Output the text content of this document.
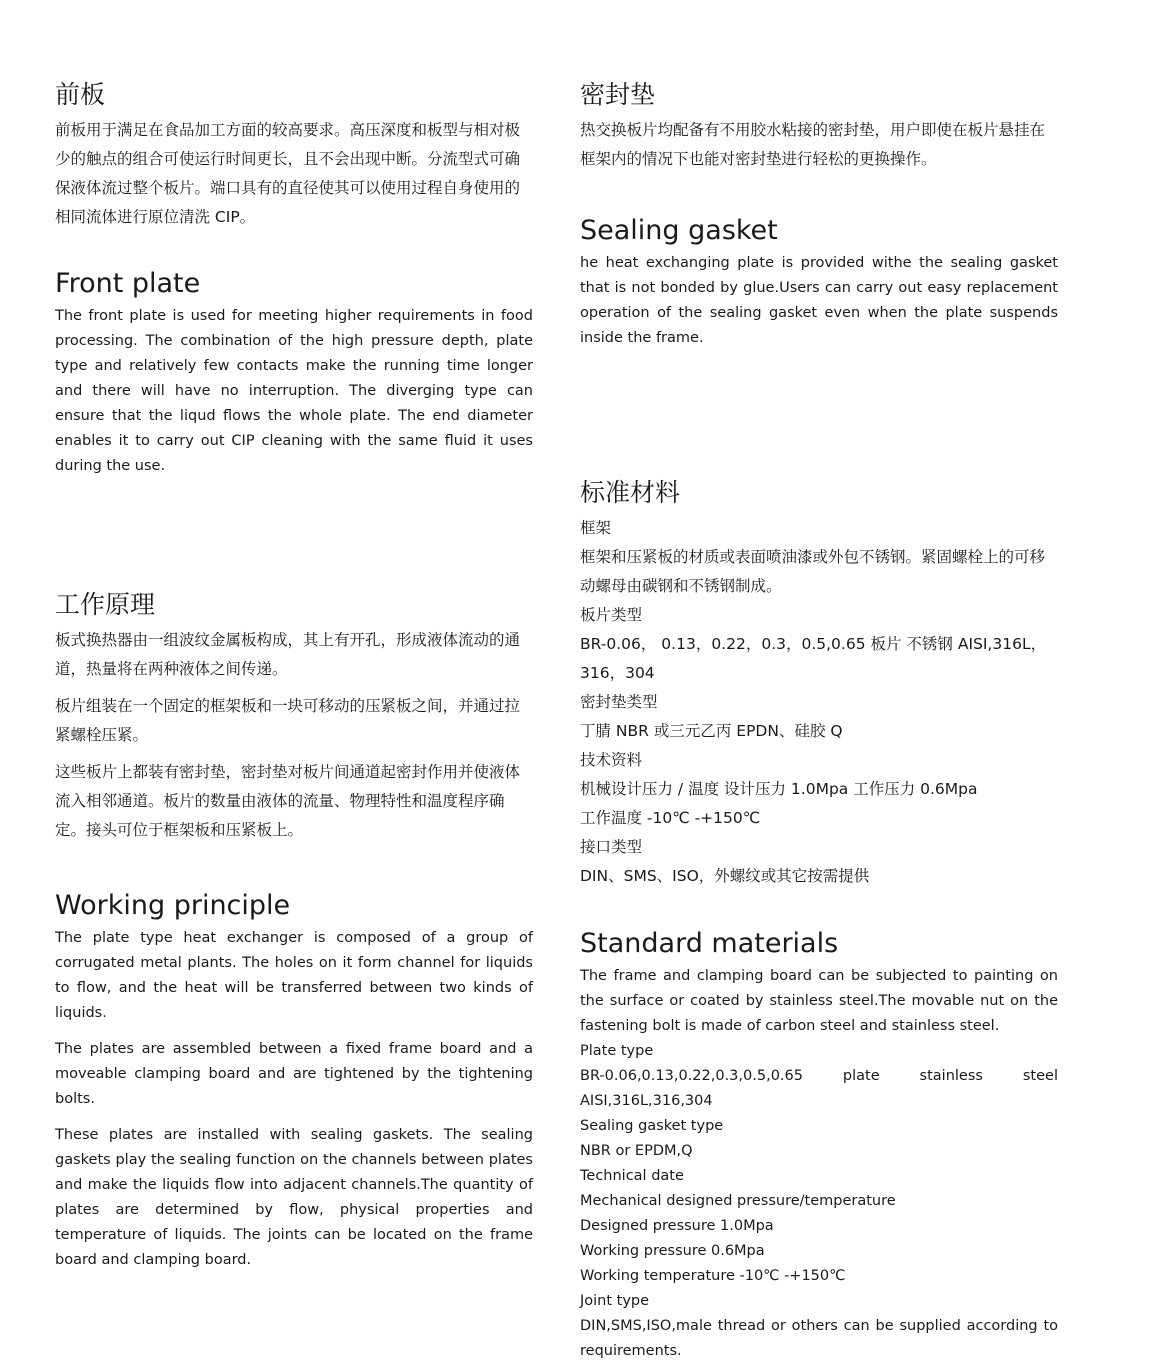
前板

前板用于满足在食品加工方面的较高要求。高压深度和板型与相对极少的触点的组合可使运行时间更长，且不会出现中断。分流型式可确保液体流过整个板片。端口具有的直径使其可以使用过程自身使用的相同流体进行原位清洗 CIP。

Front plate

The front plate is used for meeting higher requirements in food processing. The combination of the high pressure depth, plate type and relatively few contacts make the running time longer and there will have no interruption. The diverging type can ensure that the liqud flows the whole plate. The end diameter enables it to carry out CIP cleaning with the same fluid it uses during the use.

工作原理

板式换热器由一组波纹金属板构成，其上有开孔，形成液体流动的通道，热量将在两种液体之间传递。

板片组装在一个固定的框架板和一块可移动的压紧板之间，并通过拉紧螺栓压紧。

这些板片上都装有密封垫，密封垫对板片间通道起密封作用并使液体流入相邻通道。板片的数量由液体的流量、物理特性和温度程序确定。接头可位于框架板和压紧板上。

Working principle

The plate type heat exchanger is composed of a group of corrugated metal plants. The holes on it form channel for liquids to flow, and the heat will be transferred between two kinds of liquids.

The plates are assembled between a fixed frame board and a moveable clamping board and are tightened by the tightening bolts.

These plates are installed with sealing gaskets. The sealing gaskets play the sealing function on the channels between plates and make the liquids flow into adjacent channels.The quantity of plates are determined by flow, physical properties and temperature of liquids. The joints can be located on the frame board and clamping board.

密封垫

热交换板片均配备有不用胶水粘接的密封垫，用户即使在板片悬挂在框架内的情况下也能对密封垫进行轻松的更换操作。

Sealing gasket

he heat exchanging plate is provided withe the sealing gasket that is not bonded by glue.Users can carry out easy replacement operation of the sealing gasket even when the plate suspends inside the frame.

标准材料
框架
框架和压紧板的材质或表面喷油漆或外包不锈钢。紧固螺栓上的可移动螺母由碳钢和不锈钢制成。
板片类型
BR-0.06， 0.13，0.22，0.3，0.5,0.65 板片 不锈钢 AISI,316L，316，304
密封垫类型
丁腈 NBR 或三元乙丙 EPDN、硅胶 Q
技术资料
机械设计压力 / 温度 设计压力 1.0Mpa 工作压力 0.6Mpa
工作温度 -10℃ -+150℃
接口类型
DIN、SMS、ISO，外螺纹或其它按需提供
Standard materials
The frame and clamping board can be subjected to painting on the surface or coated by stainless steel.The movable nut on the fastening bolt is made of carbon steel and stainless steel.
Plate type
BR-0.06,0.13,0.22,0.3,0.5,0.65 plate stainless steel AISI,316L,316,304
Sealing gasket type
NBR or EPDM,Q
Technical date
Mechanical designed pressure/temperature
Designed pressure 1.0Mpa
Working pressure 0.6Mpa
Working temperature -10℃ -+150℃
Joint type
DIN,SMS,ISO,male thread or others can be supplied according to requirements.
